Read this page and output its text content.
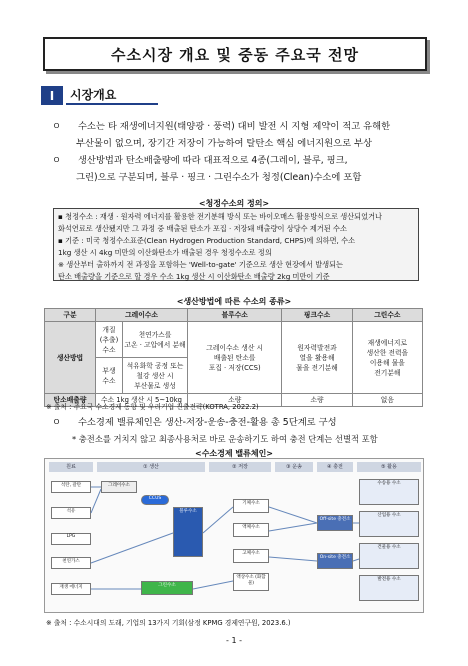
수소시장 개요 및 중동 주요국 전망
I	시장개요
ㅇ 수소는 타 재생에너지원(태양광 · 풍력) 대비 발전 시 지형 제약이 적고 유해한
부산물이 없으며, 장기간 저장이 가능하여 탈탄소 핵심 에너지원으로 부상
ㅇ 생산방법과 탄소배출량에 따라 대표적으로 4종(그레이, 블루, 핑크,
그린)으로 구분되며, 블루 · 핑크 · 그린수소가 청정(Clean)수소에 포함
<청정수소의 정의>

▪ 청정수소 : 재생 · 원자력 에너지를 활용한 전기분해 방식 또는 바이오매스 활용방식으로 생산되었거나

화석연료로 생산됐지만 그 과정 중 배출된 탄소가 포집 · 저장돼 배출량이 상당수 제거된 수소

▪ 기준 : 미국 청정수소표준(Clean Hydrogen Production Standard, CHPS)에 의하면, 수소

1kg 생산 시 4kg 미만의 이산화탄소가 배출된 경우 청정수소로 정의

※ 생산부터 출하까지 전 과정을 포함하는 'Well-to-gate' 기준으로 생산 현장에서 발생되는

탄소 배출량을 기준으로 할 경우 수소 1kg 생산 시 이산화탄소 배출량 2kg 미만이 기준

<생산방법에 따른 수소의 종류>
구분	그레이수소		블루수소	핑크수소	그린수소
생산방법	개질
(추출)
수소	천연가스를
고온 · 고압에서 분해	그레이수소 생산 시
배출된 탄소를
포집 · 저장(CCS)	원자력발전과
열을 활용해
물을 전기분해	재생에너지로
생산한 전력을
이용해 물을
전기분해
	부생
수소	석유화학 공정 또는
철강 생산 시
부산물로 생성			
탄소배출량	수소 1kg 생산 시 5~10kg		소량	소량	없음
※ 출처 : 주요국 수소경제 동향 및 우리기업 진출전략(KOTRA, 2022.2)
ㅇ 수소경제 밸류체인은 생산-저장-운송-충전-활용 총 5단계로 구성
* 충전소를 거치지 않고 최종사용처로 바로 운송하기도 하여 충전 단계는 선별적 포함
<수소경제 밸류체인>
원료	① 생산	② 저장	③ 운송	④ 충전	⑤ 활용
석탄, 갈탄
석유
LPG
천연가스
재생 에너지
그레이수소
CCUS
블루수소
그린수소
기체수소
액체수소
고체수소
액상수소 (화합물)
Off-site 충전소
On-site 충전소
수송용 수소
산업용 수소
건물용 수소
발전용 수소
※ 출처 : 수소시대의 도래, 기업의 13가지 기회(삼정 KPMG 경제연구원, 2023.6.)
- 1 -
